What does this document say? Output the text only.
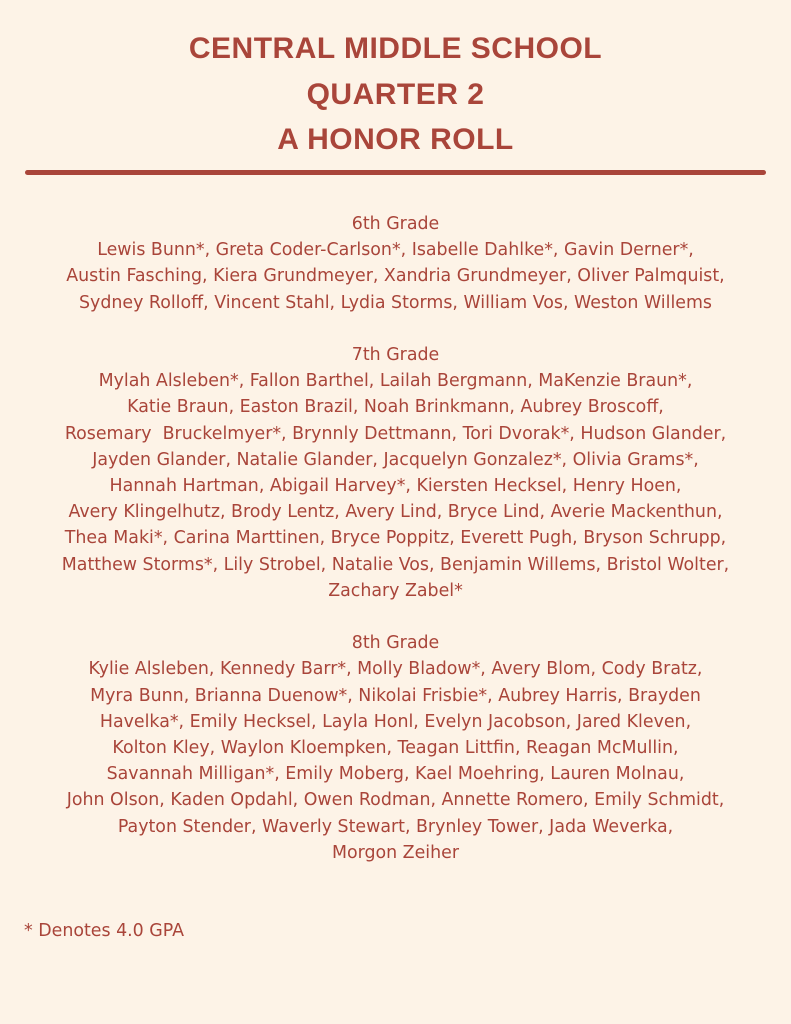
CENTRAL MIDDLE SCHOOL
QUARTER 2
A HONOR ROLL
6th Grade
Lewis Bunn*, Greta Coder-Carlson*, Isabelle Dahlke*, Gavin Derner*,
Austin Fasching, Kiera Grundmeyer, Xandria Grundmeyer, Oliver Palmquist,
Sydney Rolloff, Vincent Stahl, Lydia Storms, William Vos, Weston Willems
7th Grade
Mylah Alsleben*, Fallon Barthel, Lailah Bergmann, MaKenzie Braun*,
Katie Braun, Easton Brazil, Noah Brinkmann, Aubrey Broscoff,
Rosemary  Bruckelmyer*, Brynnly Dettmann, Tori Dvorak*, Hudson Glander,
Jayden Glander, Natalie Glander, Jacquelyn Gonzalez*, Olivia Grams*,
Hannah Hartman, Abigail Harvey*, Kiersten Hecksel, Henry Hoen,
Avery Klingelhutz, Brody Lentz, Avery Lind, Bryce Lind, Averie Mackenthun,
Thea Maki*, Carina Marttinen, Bryce Poppitz, Everett Pugh, Bryson Schrupp,
Matthew Storms*, Lily Strobel, Natalie Vos, Benjamin Willems, Bristol Wolter,
Zachary Zabel*
8th Grade
Kylie Alsleben, Kennedy Barr*, Molly Bladow*, Avery Blom, Cody Bratz,
Myra Bunn, Brianna Duenow*, Nikolai Frisbie*, Aubrey Harris, Brayden
Havelka*, Emily Hecksel, Layla Honl, Evelyn Jacobson, Jared Kleven,
Kolton Kley, Waylon Kloempken, Teagan Littfin, Reagan McMullin,
Savannah Milligan*, Emily Moberg, Kael Moehring, Lauren Molnau,
John Olson, Kaden Opdahl, Owen Rodman, Annette Romero, Emily Schmidt,
Payton Stender, Waverly Stewart, Brynley Tower, Jada Weverka,
Morgon Zeiher
* Denotes 4.0 GPA
